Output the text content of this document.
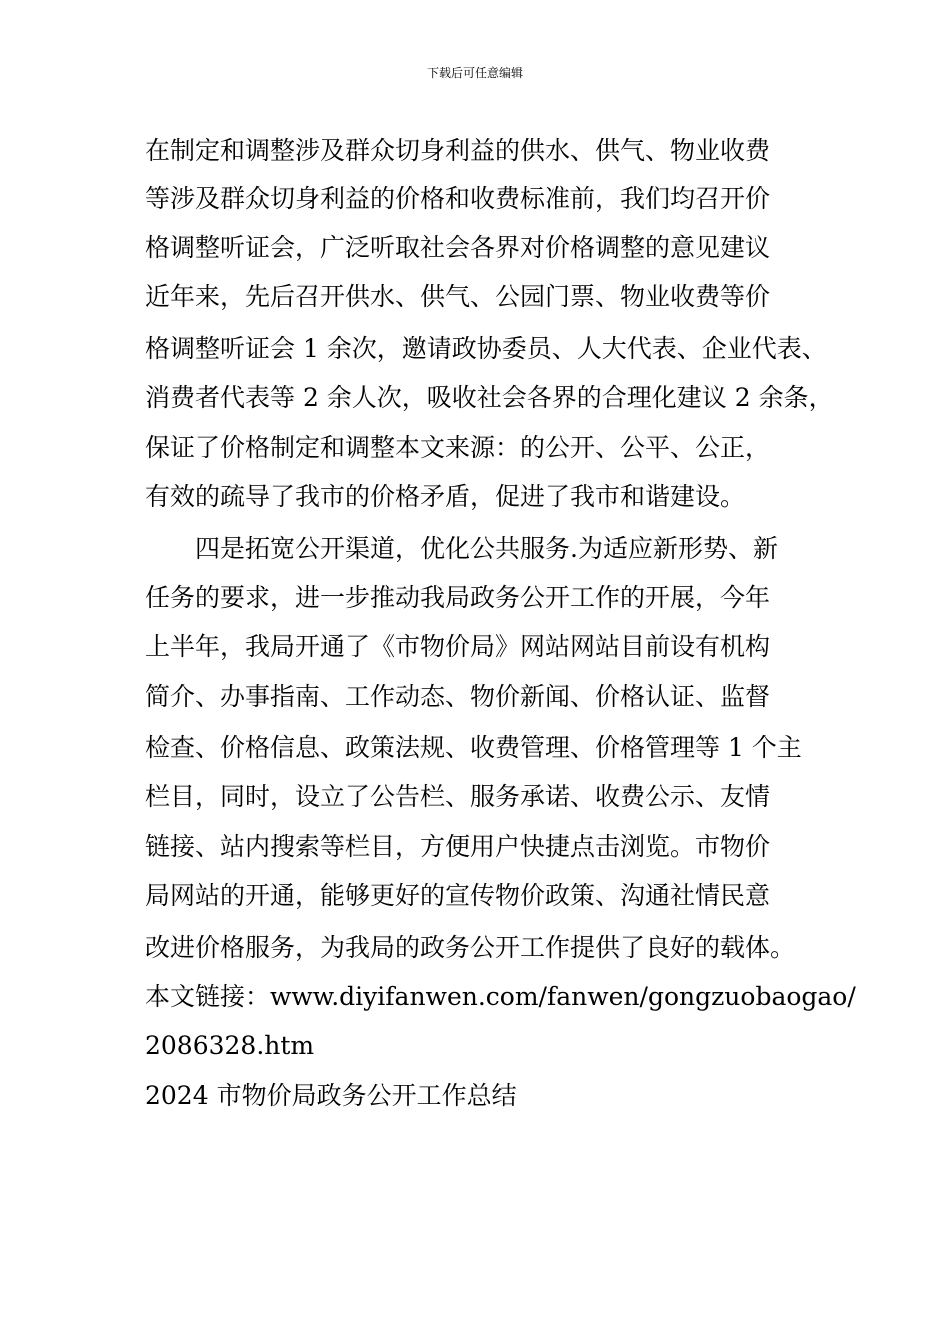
下载后可任意编辑
在制定和调整涉及群众切身利益的供水、供气、物业收费
等涉及群众切身利益的价格和收费标准前，我们均召开价
格调整听证会，广泛听取社会各界对价格调整的意见建议
近年来，先后召开供水、供气、公园门票、物业收费等价
格调整听证会 1 余次，邀请政协委员、人大代表、企业代表、
消费者代表等 2 余人次，吸收社会各界的合理化建议 2 余条，
保证了价格制定和调整本文来源：的公开、公平、公正，
有效的疏导了我市的价格矛盾，促进了我市和谐建设。
　　四是拓宽公开渠道，优化公共服务.为适应新形势、新
任务的要求，进一步推动我局政务公开工作的开展，今年
上半年，我局开通了《市物价局》网站网站目前设有机构
简介、办事指南、工作动态、物价新闻、价格认证、监督
检查、价格信息、政策法规、收费管理、价格管理等 1 个主
栏目，同时，设立了公告栏、服务承诺、收费公示、友情
链接、站内搜索等栏目，方便用户快捷点击浏览。市物价
局网站的开通，能够更好的宣传物价政策、沟通社情民意
改进价格服务，为我局的政务公开工作提供了良好的载体。
本文链接：www.diyifanwen.com/fanwen/gongzuobaogao/
2086328.htm
2024 市物价局政务公开工作总结
